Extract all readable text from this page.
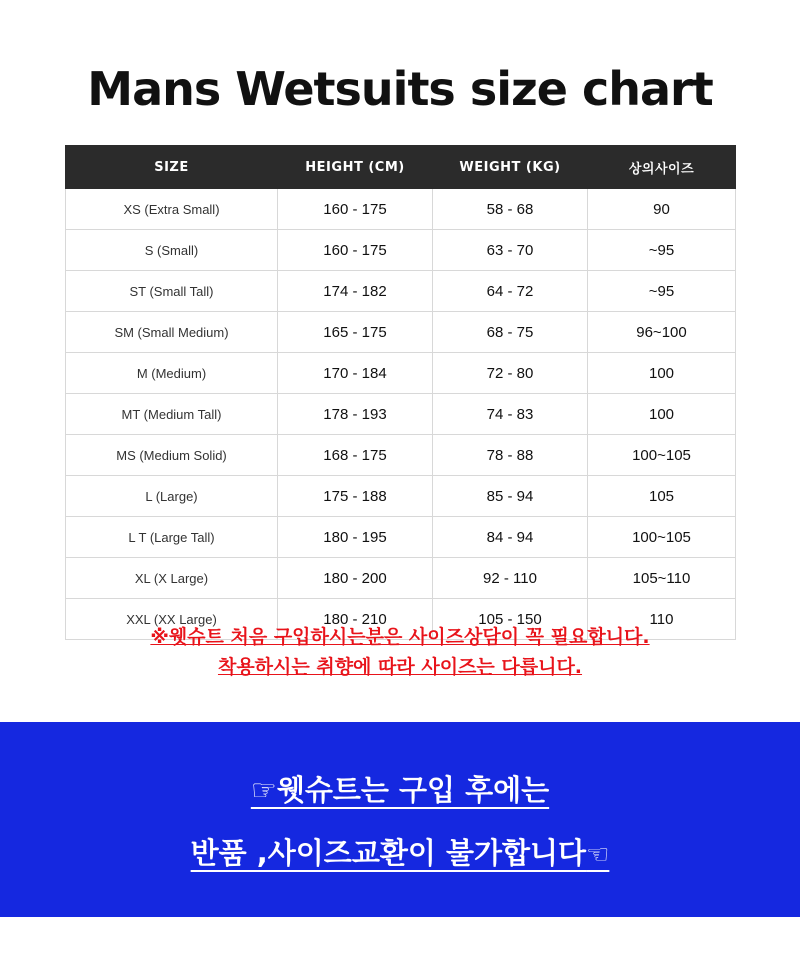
Mans Wetsuits size chart
SIZE	HEIGHT (CM)	WEIGHT (KG)	상의사이즈
XS (Extra Small)	160 - 175	58 - 68	90
S (Small)	160 - 175	63 - 70	~95
ST (Small Tall)	174 - 182	64 - 72	~95
SM (Small Medium)	165 - 175	68 - 75	96~100
M (Medium)	170 - 184	72 - 80	100
MT (Medium Tall)	178 - 193	74 - 83	100
MS (Medium Solid)	168 - 175	78 - 88	100~105
L (Large)	175 - 188	85 - 94	105
L T (Large Tall)	180 - 195	84 - 94	100~105
XL (X Large)	180 - 200	92 - 110	105~110
XXL (XX Large)	180 - 210	105 - 150	110
※웻슈트 처음 구입하시는분은 사이즈상담이 꼭 필요합니다.
착용하시는 취향에 따라 사이즈는 다릅니다.
☞웻슈트는 구입 후에는
반품 ,사이즈교환이 불가합니다☜
